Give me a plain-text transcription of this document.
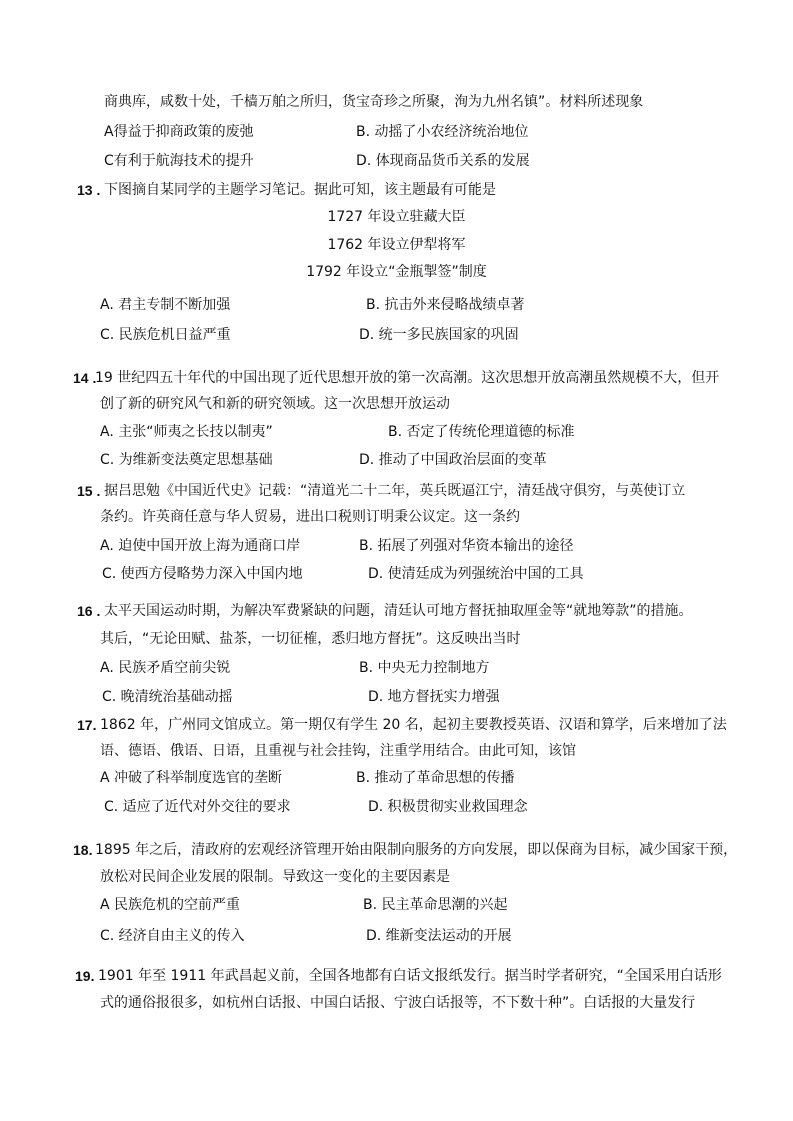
商典库，咸数十处，千樯万舶之所归，货宝奇珍之所聚，洵为九州名镇”。材料所述现象
A得益于抑商政策的废弛	B. 动摇了小农经济统治地位
C有利于航海技术的提升	D. 体现商品货币关系的发展
13 . 下图摘自某同学的主题学习笔记。据此可知，该主题最有可能是
1727 年设立驻藏大臣
1762 年设立伊犁将军
1792 年设立“金瓶掣签”制度
A. 君主专制不断加强	B. 抗击外来侵略战绩卓著
C. 民族危机日益严重	D. 统一多民族国家的巩固
14 .
19 世纪四五十年代的中国出现了近代思想开放的第一次高潮。这次思想开放高潮虽然规模不大，但开
创了新的研究风气和新的研究领域。这一次思想开放运动
A. 主张“师夷之长技以制夷”	B. 否定了传统伦理道德的标准
C. 为维新变法奠定思想基础	D. 推动了中国政治层面的变革
15 . 据吕思勉《中国近代史》记载：“清道光二十二年，英兵既逼江宁，清廷战守俱穷，与英使订立
条约。许英商任意与华人贸易，进出口税则订明秉公议定。这一条约
A. 迫使中国开放上海为通商口岸	B. 拓展了列强对华资本输出的途径
C. 使西方侵略势力深入中国内地	D. 使清廷成为列强统治中国的工具
16 . 太平天国运动时期，为解决军费紧缺的问题，清廷认可地方督抚抽取厘金等“就地筹款”的措施。
其后，“无论田赋、盐茶，一切征榷，悉归地方督抚”。这反映出当时
A. 民族矛盾空前尖锐	B. 中央无力控制地方
C. 晚清统治基础动摇	D. 地方督抚实力增强
17. 1862 年，广州同文馆成立。第一期仅有学生 20 名，起初主要教授英语、汉语和算学，后来增加了法
语、德语、俄语、日语，且重视与社会挂钩，注重学用结合。由此可知，该馆
A 冲破了科举制度选官的垄断	B. 推动了革命思想的传播
C. 适应了近代对外交往的要求	D. 积极贯彻实业救国理念
18. 1895 年之后，清政府的宏观经济管理开始由限制向服务的方向发展，即以保商为目标，减少国家干预，
放松对民间企业发展的限制。导致这一变化的主要因素是
A 民族危机的空前严重	B. 民主革命思潮的兴起
C. 经济自由主义的传入	D. 维新变法运动的开展
19. 1901 年至 1911 年武昌起义前，全国各地都有白话文报纸发行。据当时学者研究，“全国采用白话形
式的通俗报很多，如杭州白话报、中国白话报、宁波白话报等，不下数十种”。白话报的大量发行
